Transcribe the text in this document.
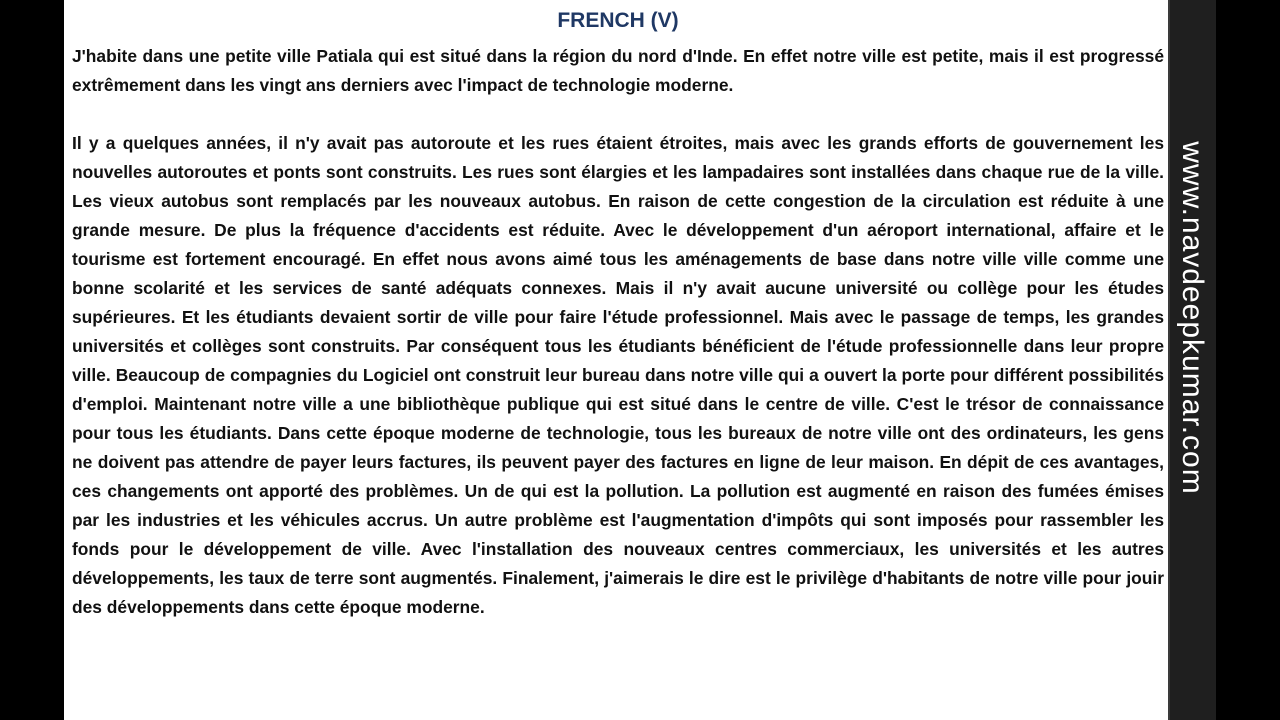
FRENCH (V)

J'habite dans une petite ville Patiala qui est situé dans la région du nord d'Inde. En effet notre ville est petite, mais il est progressé extrêmement dans les vingt ans derniers avec l'impact de technologie moderne.

Il y a quelques années, il n'y avait pas autoroute et les rues étaient étroites, mais avec les grands efforts de gouvernement les nouvelles autoroutes et ponts sont construits. Les rues sont élargies et les lampadaires sont installées dans chaque rue de la ville. Les vieux autobus sont remplacés par les nouveaux autobus. En raison de cette congestion de la circulation est réduite à une grande mesure. De plus la fréquence d'accidents est réduite. Avec le développement d'un aéroport international, affaire et le tourisme est fortement encouragé. En effet nous avons aimé tous les aménagements de base dans notre ville ville comme une bonne scolarité et les services de santé adéquats connexes. Mais il n'y avait aucune université ou collège pour les études supérieures. Et les étudiants devaient sortir de ville pour faire l'étude professionnel. Mais avec le passage de temps, les grandes universités et collèges sont construits. Par conséquent tous les étudiants bénéficient de l'étude professionnelle dans leur propre ville. Beaucoup de compagnies du Logiciel ont construit leur bureau dans notre ville qui a ouvert la porte pour différent possibilités d'emploi. Maintenant notre ville a une bibliothèque publique qui est situé dans le centre de ville. C'est le trésor de connaissance pour tous les étudiants. Dans cette époque moderne de technologie, tous les bureaux de notre ville ont des ordinateurs, les gens ne doivent pas attendre de payer leurs factures, ils peuvent payer des factures en ligne de leur maison. En dépit de ces avantages, ces changements ont apporté des problèmes. Un de qui est la pollution. La pollution est augmenté en raison des fumées émises par les industries et les véhicules accrus. Un autre problème est l'augmentation d'impôts qui sont imposés pour rassembler les fonds pour le développement de ville. Avec l'installation des nouveaux centres commerciaux, les universités et les autres développements, les taux de terre sont augmentés. Finalement, j'aimerais le dire est le privilège d'habitants de notre ville pour jouir des développements dans cette époque moderne.

www.navdeepkumar.com
